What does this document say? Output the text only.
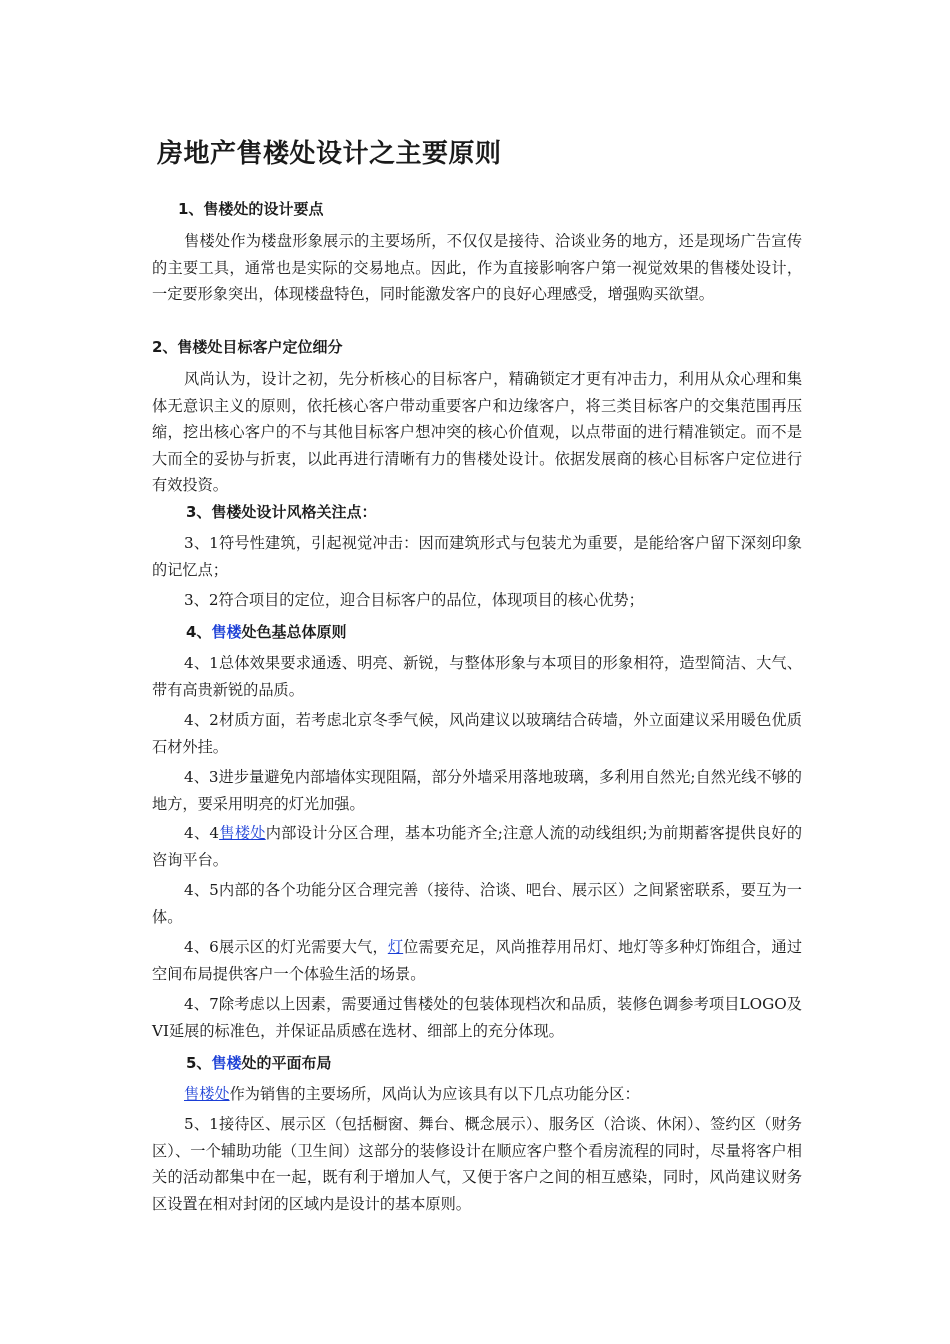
房地产售楼处设计之主要原则
1、售楼处的设计要点
售楼处作为楼盘形象展示的主要场所，不仅仅是接待、洽谈业务的地方，还是现场广告宣传的主要工具，通常也是实际的交易地点。因此，作为直接影响客户第一视觉效果的售楼处设计，一定要形象突出，体现楼盘特色，同时能激发客户的良好心理感受，增强购买欲望。
2、售楼处目标客户定位细分
风尚认为，设计之初，先分析核心的目标客户，精确锁定才更有冲击力，利用从众心理和集体无意识主义的原则，依托核心客户带动重要客户和边缘客户，将三类目标客户的交集范围再压缩，挖出核心客户的不与其他目标客户想冲突的核心价值观，以点带面的进行精准锁定。而不是大而全的妥协与折衷，以此再进行清晰有力的售楼处设计。依据发展商的核心目标客户定位进行有效投资。
3、售楼处设计风格关注点：
3、1符号性建筑，引起视觉冲击：因而建筑形式与包装尤为重要，是能给客户留下深刻印象的记忆点；
3、2符合项目的定位，迎合目标客户的品位，体现项目的核心优势；
4、售楼处色基总体原则
4、1总体效果要求通透、明亮、新锐，与整体形象与本项目的形象相符，造型简洁、大气、带有高贵新锐的品质。
4、2材质方面，若考虑北京冬季气候，风尚建议以玻璃结合砖墙，外立面建议采用暖色优质石材外挂。
4、3进步量避免内部墙体实现阻隔，部分外墙采用落地玻璃，多利用自然光;自然光线不够的地方，要采用明亮的灯光加强。
4、4售楼处内部设计分区合理，基本功能齐全;注意人流的动线组织;为前期蓄客提供良好的咨询平台。
4、5内部的各个功能分区合理完善（接待、洽谈、吧台、展示区）之间紧密联系，要互为一体。
4、6展示区的灯光需要大气，灯位需要充足，风尚推荐用吊灯、地灯等多种灯饰组合，通过空间布局提供客户一个体验生活的场景。
4、7除考虑以上因素，需要通过售楼处的包装体现档次和品质，装修色调参考项目LOGO及VI延展的标准色，并保证品质感在选材、细部上的充分体现。
5、售楼处的平面布局
售楼处作为销售的主要场所，风尚认为应该具有以下几点功能分区：
5、1接待区、展示区（包括橱窗、舞台、概念展示）、服务区（洽谈、休闲）、签约区（财务区）、一个辅助功能（卫生间）这部分的装修设计在顺应客户整个看房流程的同时，尽量将客户相关的活动都集中在一起，既有利于增加人气，又便于客户之间的相互感染，同时，风尚建议财务区设置在相对封闭的区域内是设计的基本原则。
